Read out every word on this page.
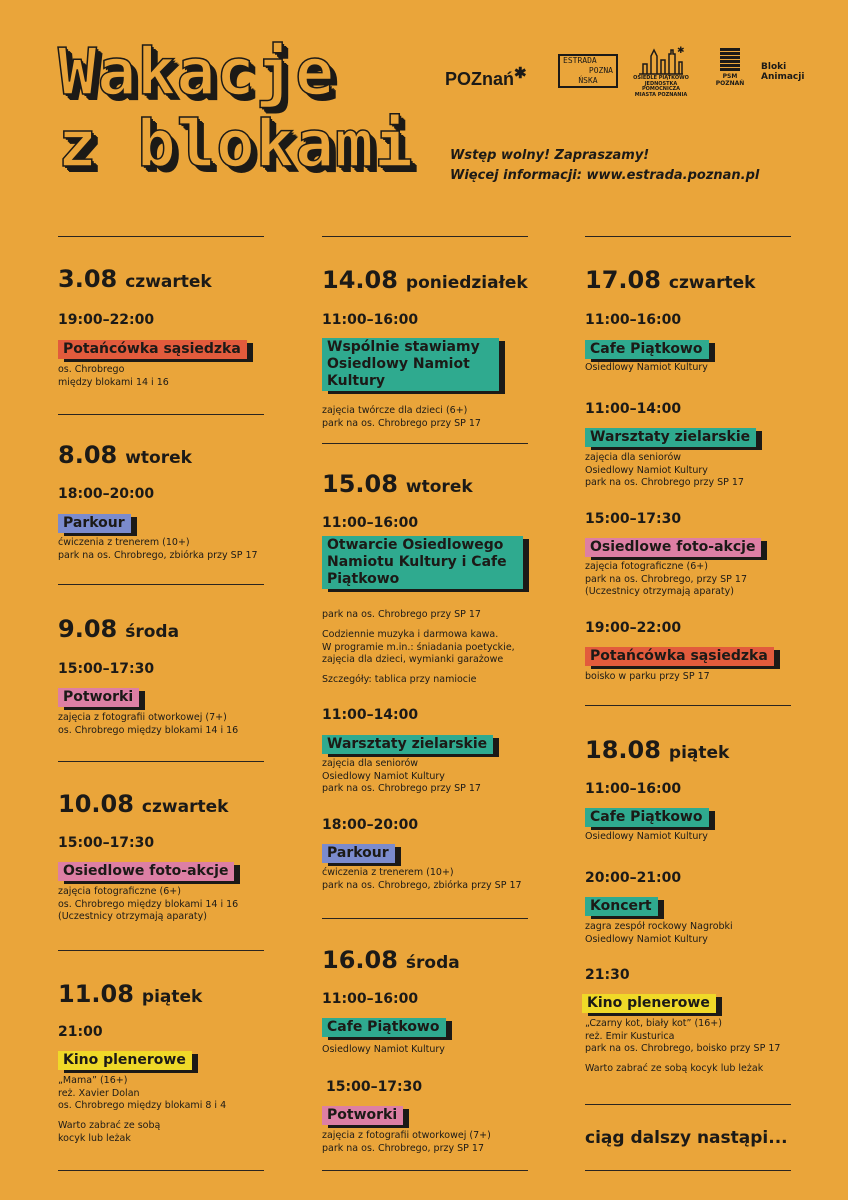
Wakacje
z blokami
POZnań✱
ESTRADA
POZNA
ŃSKA
✱
OSIEDLE PIĄTKOWO
JEDNOSTKA POMOCNICZA
MIASTA POZNANIA
PSM
POZNAŃ
Bloki
Animacji
Wstęp wolny! Zapraszamy!
Więcej informacji: www.estrada.poznan.pl
3.08 czwartek
19:00–22:00
Potańcówka sąsiedzka
os. Chrobrego
między blokami 14 i 16
8.08 wtorek
18:00–20:00
Parkour
ćwiczenia z trenerem (10+)
park na os. Chrobrego, zbiórka przy SP 17
9.08 środa
15:00–17:30
Potworki
zajęcia z fotografii otworkowej (7+)
os. Chrobrego między blokami 14 i 16
10.08 czwartek
15:00–17:30
Osiedlowe foto-akcje
zajęcia fotograficzne (6+)
os. Chrobrego między blokami 14 i 16
(Uczestnicy otrzymają aparaty)
11.08 piątek
21:00
Kino plenerowe
„Mama” (16+)
reż. Xavier Dolan
os. Chrobrego między blokami 8 i 4
Warto zabrać ze sobą
kocyk lub leżak
14.08 poniedziałek
11:00–16:00
Wspólnie stawiamy Osiedlowy Namiot Kultury
zajęcia twórcze dla dzieci (6+)
park na os. Chrobrego przy SP 17
15.08 wtorek
11:00–16:00
Otwarcie Osiedlowego Namiotu Kultury i Cafe Piątkowo
park na os. Chrobrego przy SP 17
Codziennie muzyka i darmowa kawa.
W programie m.in.: śniadania poetyckie,
zajęcia dla dzieci, wymianki garażowe
Szczegóły: tablica przy namiocie
11:00–14:00
Warsztaty zielarskie
zajęcia dla seniorów
Osiedlowy Namiot Kultury
park na os. Chrobrego przy SP 17
18:00–20:00
Parkour
ćwiczenia z trenerem (10+)
park na os. Chrobrego, zbiórka przy SP 17
16.08 środa
11:00–16:00
Cafe Piątkowo
Osiedlowy Namiot Kultury
15:00–17:30
Potworki
zajęcia z fotografii otworkowej (7+)
park na os. Chrobrego, przy SP 17
17.08 czwartek
11:00–16:00
Cafe Piątkowo
Osiedlowy Namiot Kultury
11:00–14:00
Warsztaty zielarskie
zajęcia dla seniorów
Osiedlowy Namiot Kultury
park na os. Chrobrego przy SP 17
15:00–17:30
Osiedlowe foto-akcje
zajęcia fotograficzne (6+)
park na os. Chrobrego, przy SP 17
(Uczestnicy otrzymają aparaty)
19:00–22:00
Potańcówka sąsiedzka
boisko w parku przy SP 17
18.08 piątek
11:00–16:00
Cafe Piątkowo
Osiedlowy Namiot Kultury
20:00–21:00
Koncert
zagra zespół rockowy Nagrobki
Osiedlowy Namiot Kultury
21:30
Kino plenerowe
„Czarny kot, biały kot” (16+)
reż. Emir Kusturica
park na os. Chrobrego, boisko przy SP 17
Warto zabrać ze sobą kocyk lub leżak
ciąg dalszy nastąpi...
